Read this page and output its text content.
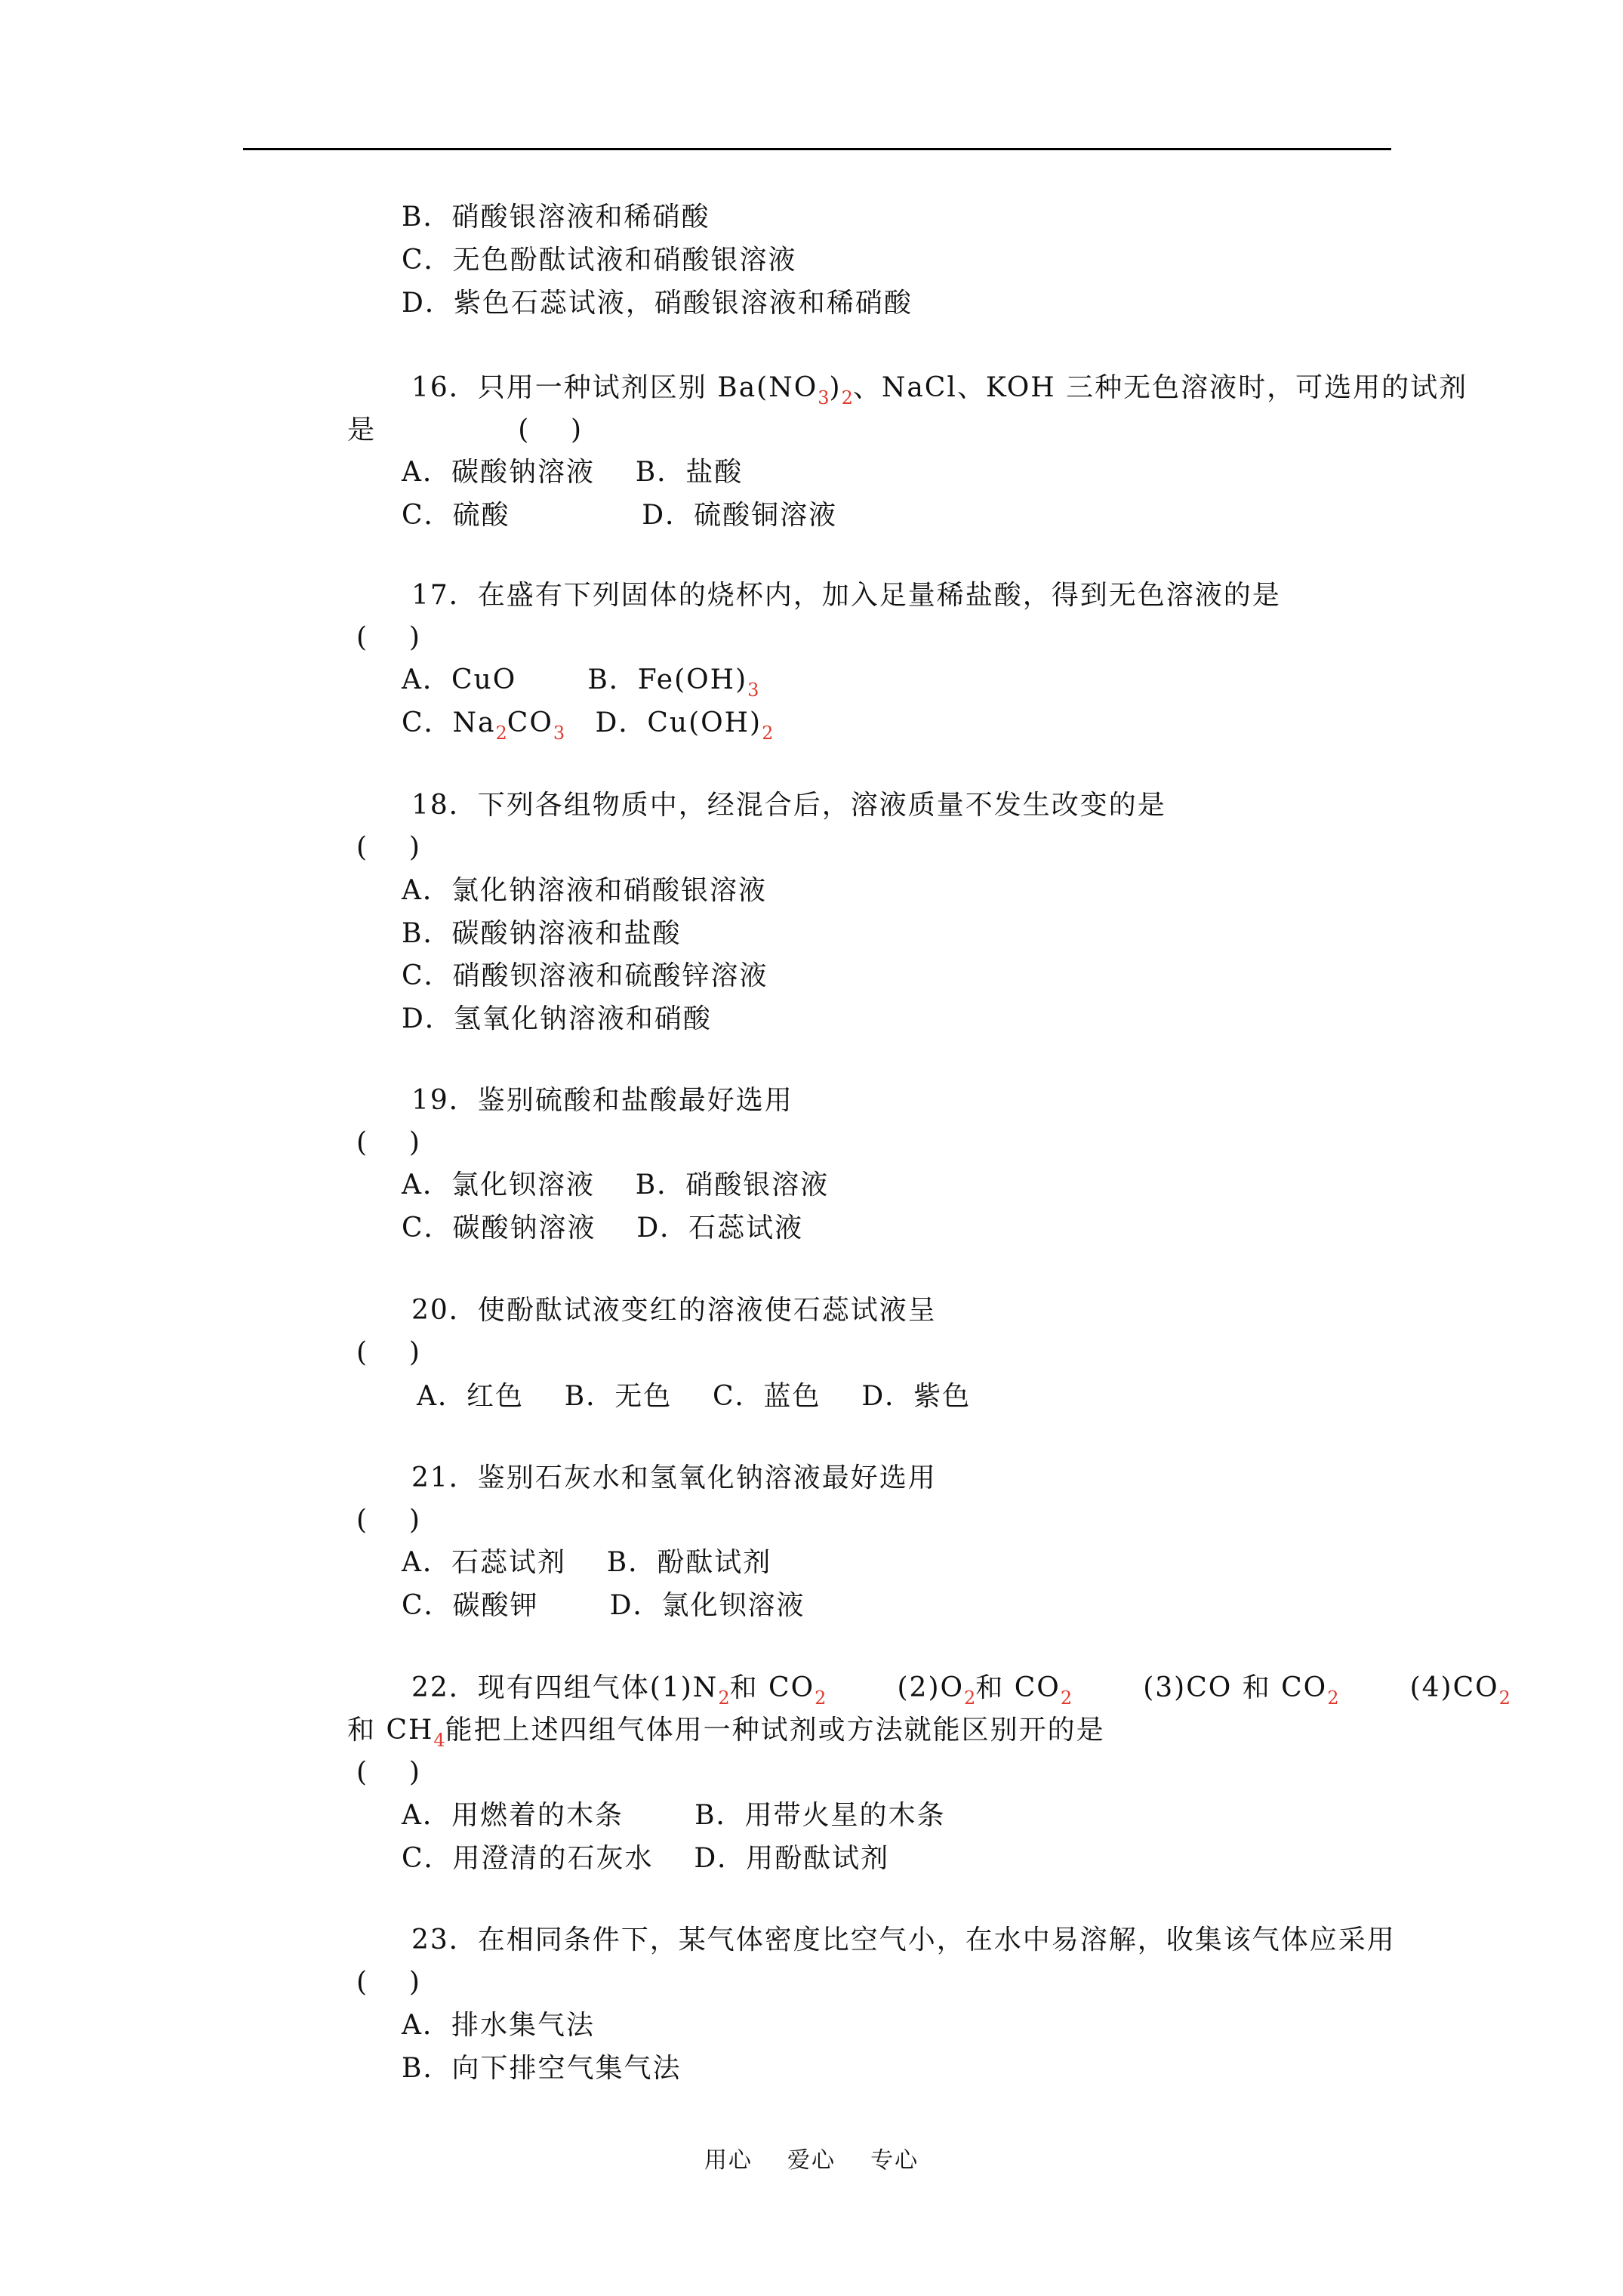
B．硝酸银溶液和稀硝酸
C．无色酚酞试液和硝酸银溶液
D．紫色石蕊试液，硝酸银溶液和稀硝酸
16．只用一种试剂区别 $Ba(NO_3)_2$、NaCl、KOH 三种无色溶液时，可选用的试剂
是              (    )
A．碳酸钠溶液    B．盐酸
C．硫酸             D．硫酸铜溶液
17．在盛有下列固体的烧杯内，加入足量稀盐酸，得到无色溶液的是
(    )
A．CuO       B．$Fe(OH)_3$
C．$Na_2CO_3$   D．$Cu(OH)_2$
18．下列各组物质中，经混合后，溶液质量不发生改变的是
(    )
A．氯化钠溶液和硝酸银溶液
B．碳酸钠溶液和盐酸
C．硝酸钡溶液和硫酸锌溶液
D．氢氧化钠溶液和硝酸
19．鉴别硫酸和盐酸最好选用
(    )
A．氯化钡溶液    B．硝酸银溶液
C．碳酸钠溶液    D．石蕊试液
20．使酚酞试液变红的溶液使石蕊试液呈
(    )
A．红色    B．无色    C．蓝色    D．紫色
21．鉴别石灰水和氢氧化钠溶液最好选用
(    )
A．石蕊试剂    B．酚酞试剂
C．碳酸钾       D．氯化钡溶液
22．现有四组气体$(1)N_2$和 $CO_2$       $(2)O_2$和 $CO_2$       (3)CO 和 $CO_2$       $(4)CO_2$
和 $CH_4$能把上述四组气体用一种试剂或方法就能区别开的是
(    )
A．用燃着的木条       B．用带火星的木条
C．用澄清的石灰水    D．用酚酞试剂
23．在相同条件下，某气体密度比空气小，在水中易溶解，收集该气体应采用
(    )
A．排水集气法
B．向下排空气集气法
用心    爱心    专心
